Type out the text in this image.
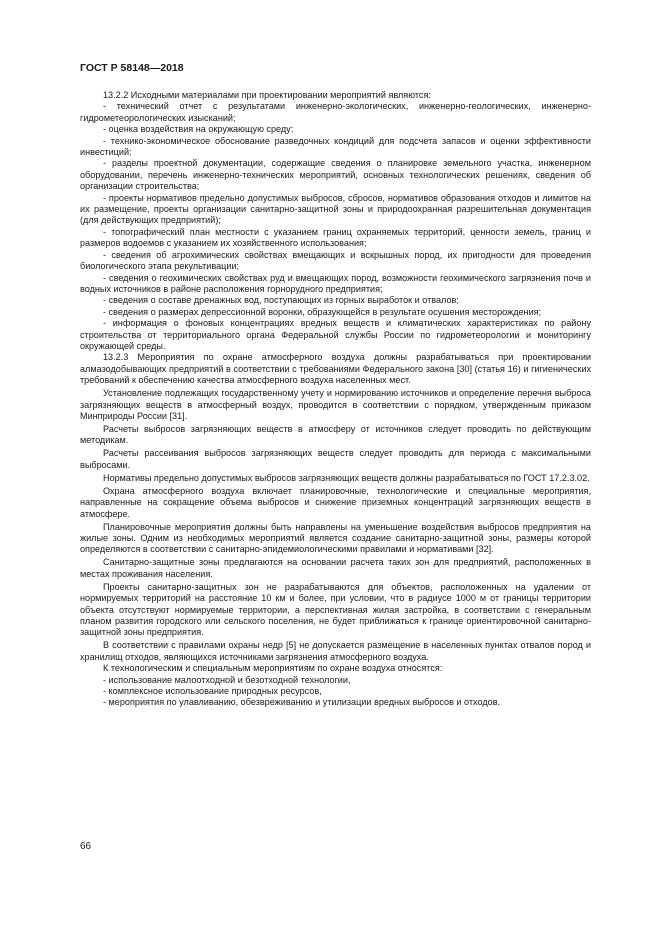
ГОСТ Р 58148—2018

13.2.2 Исходными материалами при проектировании мероприятий являются:

- технический отчет с результатами инженерно-экологических, инженерно-геологических, инженерно- гидрометеорологических изысканий;

- оценка воздействия на окружающую среду;

- технико-экономическое обоснование разведочных кондиций для подсчета запасов и оценки эффективности инвестиций;

- разделы проектной документации, содержащие сведения о планировке земельного участка, инженерном оборудовании, перечень инженерно-технических мероприятий, основных технологических решениях, сведения об организации строительства;

- проекты нормативов предельно допустимых выбросов, сбросов, нормативов образования отходов и лимитов на их размещение, проекты организации санитарно-защитной зоны и природоохранная разрешительная документация (для действующих предприятий);

- топографический план местности с указанием границ охраняемых территорий, ценности земель, границ и размеров водоемов с указанием их хозяйственного использования;

- сведения об агрохимических свойствах вмещающих и вскрышных пород, их пригодности для проведения биологического этапа рекультивации;

- сведения о геохимических свойствах руд и вмещающих пород, возможности геохимического загрязнения почв и водных источников в районе расположения горнорудного предприятия;

- сведения о составе дренажных вод, поступающих из горных выработок и отвалов;

- сведения о размерах депрессионной воронки, образующейся в результате осушения месторождения;

- информация о фоновых концентрациях вредных веществ и климатических характеристиках по району строительства от территориального органа Федеральной службы России по гидрометеорологии и мониторингу окружающей среды.

13.2.3 Мероприятия по охране атмосферного воздуха должны разрабатываться при проектировании алмазодобывающих предприятий в соответствии с требованиями Федерального закона [30] (статья 16) и гигиенических требований к обеспечению качества атмосферного воздуха населенных мест.

Установление подлежащих государственному учету и нормированию источников и определение перечня выброса загрязняющих веществ в атмосферный воздух, проводится в соответствии с порядком, утвержденным приказом Минприроды России [31].

Расчеты выбросов загрязняющих веществ в атмосферу от источников следует проводить по действующим методикам.

Расчеты рассеивания выбросов загрязняющих веществ следует проводить для периода с максимальными выбросами.

Нормативы предельно допустимых выбросов загрязняющих веществ должны разрабатываться по ГОСТ 17.2.3.02.

Охрана атмосферного воздуха включает планировочные, технологические и специальные мероприятия, направленные на сокращение объема выбросов и снижение приземных концентраций загрязняющих веществ в атмосфере.

Планировочные мероприятия должны быть направлены на уменьшение воздействия выбросов предприятия на жилые зоны. Одним из необходимых мероприятий является создание санитарно-защитной зоны, размеры которой определяются в соответствии с санитарно-эпидемиологическими правилами и нормативами [32].

Санитарно-защитные зоны предлагаются на основании расчета таких зон для предприятий, расположенных в местах проживания населения.

Проекты санитарно-защитных зон не разрабатываются для объектов, расположенных на удалении от нормируемых территорий на расстояние 10 км и более, при условии, что в радиусе 1000 м от границы территории объекта отсутствуют нормируемые территории, а перспективная жилая застройка, в соответствии с генеральным планом развития городского или сельского поселения, не будет приближаться к границе ориентировочной санитарно-защитной зоны предприятия.

В соответствии с правилами охраны недр [5] не допускается размещение в населенных пунктах отвалов пород и хранилищ отходов, являющихся источниками загрязнения атмосферного воздуха.

К технологическим и специальным мероприятиям по охране воздуха относятся:

- использование малоотходной и безотходной технологии,

- комплексное использование природных ресурсов,

- мероприятия по улавливанию, обезвреживанию и утилизации вредных выбросов и отходов.

66
